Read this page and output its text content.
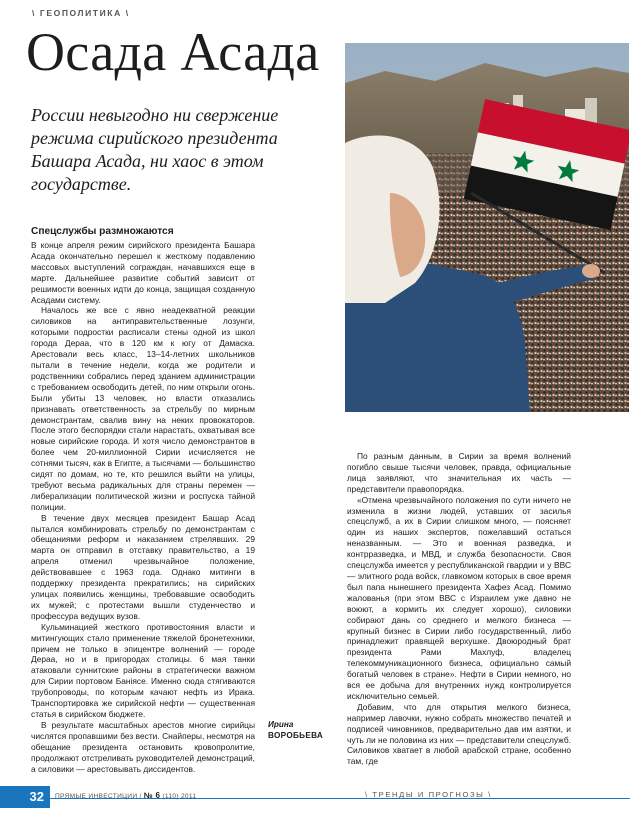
\ ГЕОПОЛИТИКА \
Осада Асада

России невыгодно ни свержение режима сирийского президента Башара Асада, ни хаос в этом государстве.

Спецслужбы размножаются

В конце апреля режим сирийского президента Башара Асада окончательно перешел к жесткому подавлению массовых выступлений сограждан, начавшихся еще в марте. Дальнейшее развитие событий зависит от решимости военных идти до конца, защищая созданную Асадами систему.

Началось же все с явно неадекватной реакции силовиков на антиправительственные лозунги, которыми подростки расписали стены одной из школ города Дераа, что в 120 км к югу от Дамаска. Арестовали весь класс, 13–14-летних школьников пытали в течение недели, когда же родители и родственники собрались перед зданием администрации с требованием освободить детей, по ним открыли огонь. Были убиты 13 человек, но власти отказались признавать ответственность за стрельбу по мирным демонстрантам, свалив вину на неких провокаторов. После этого беспорядки стали нарастать, охватывая все новые сирийские города. И хотя число демонстрантов в более чем 20-миллионной Сирии исчисляется не сотнями тысяч, как в Египте, а тысячами — большинство сидят по домам, но те, кто решился выйти на улицы, требуют весьма радикальных для страны перемен — либерализации политической жизни и роспуска тайной полиции.

В течение двух месяцев президент Башар Асад пытался комбинировать стрельбу по демонстрантам с обещаниями реформ и наказанием стрелявших. 29 марта он отправил в отставку правительство, а 19 апреля отменил чрезвычайное положение, действовавшее с 1963 года. Однако митинги в поддержку президента прекратились; на сирийских улицах появились женщины, требовавшие освободить их мужей; с протестами вышли студенчество и профессура ведущих вузов.

Кульминацией жесткого противостояния власти и митингующих стало применение тяжелой бронетехники, причем не только в эпицентре волнений — городе Дераа, но и в пригородах столицы. 6 мая танки атаковали суннитские районы в стратегически важном для Сирии портовом Банiясе. Именно сюда стягиваются трубопроводы, по которым качают нефть из Ирака. Транспортировка же сирийской нефти — существенная статья в сирийском бюджете.

В результате масштабных арестов многие сирийцы числятся пропавшими без вести. Снайперы, несмотря на обещание президента остановить кровопролитие, продолжают отстреливать руководителей демонстраций, а силовики — арестовывать диссидентов.

Ирина
ВОРОБЬЕВА

По разным данным, в Сирии за время волнений погибло свыше тысячи человек, правда, официальные лица заявляют, что значительная их часть — представители правопорядка.

«Отмена чрезвычайного положения по сути ничего не изменила в жизни людей, уставших от засилья спецслужб, а их в Сирии слишком много, — поясняет один из наших экспертов, пожелавший остаться неназванным. — Это и военная разведка, и контрразведка, и МВД, и служба безопасности. Своя спецслужба имеется у республиканской гвардии и у ВВС — элитного рода войск, главкомом которых в свое время был папа нынешнего президента Хафез Асад. Помимо жалованья (при этом ВВС с Израилем уже давно не воюют, а кормить их следует хорошо), силовики собирают дань со среднего и мелкого бизнеса — крупный бизнес в Сирии либо государственный, либо принадлежит правящей верхушке. Двоюродный брат президента Рами Махлуф, владелец телекоммуникационного бизнеса, официально самый богатый человек в стране». Нефти в Сирии немного, но вся ее добыча для внутренних нужд контролируется исключительно семьей.

Добавим, что для открытия мелкого бизнеса, например лавочки, нужно собрать множество печатей и подписей чиновников, предварительно дав им азятки, и чуть ли не половина из них — представители спецслужб. Силовиков хватает в любой арабской стране, особенно там, где

32	ПРЯМЫЕ ИНВЕСТИЦИИ / № 6 (110) 2011	\ ТРЕНДЫ И ПРОГНОЗЫ \
